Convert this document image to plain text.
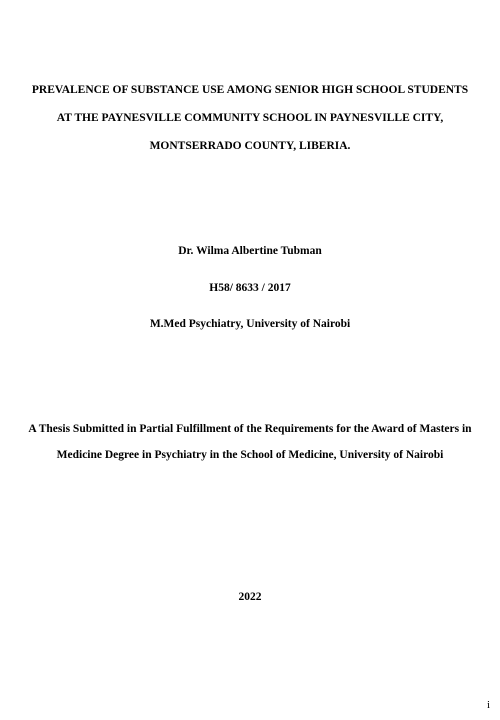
PREVALENCE OF SUBSTANCE USE AMONG SENIOR HIGH SCHOOL STUDENTS
AT THE PAYNESVILLE COMMUNITY SCHOOL IN PAYNESVILLE CITY,
MONTSERRADO COUNTY, LIBERIA.
Dr. Wilma Albertine Tubman
H58/ 8633 / 2017
M.Med Psychiatry, University of Nairobi
A Thesis Submitted in Partial Fulfillment of the Requirements for the Award of Masters in
Medicine Degree in Psychiatry in the School of Medicine, University of Nairobi
2022
i
